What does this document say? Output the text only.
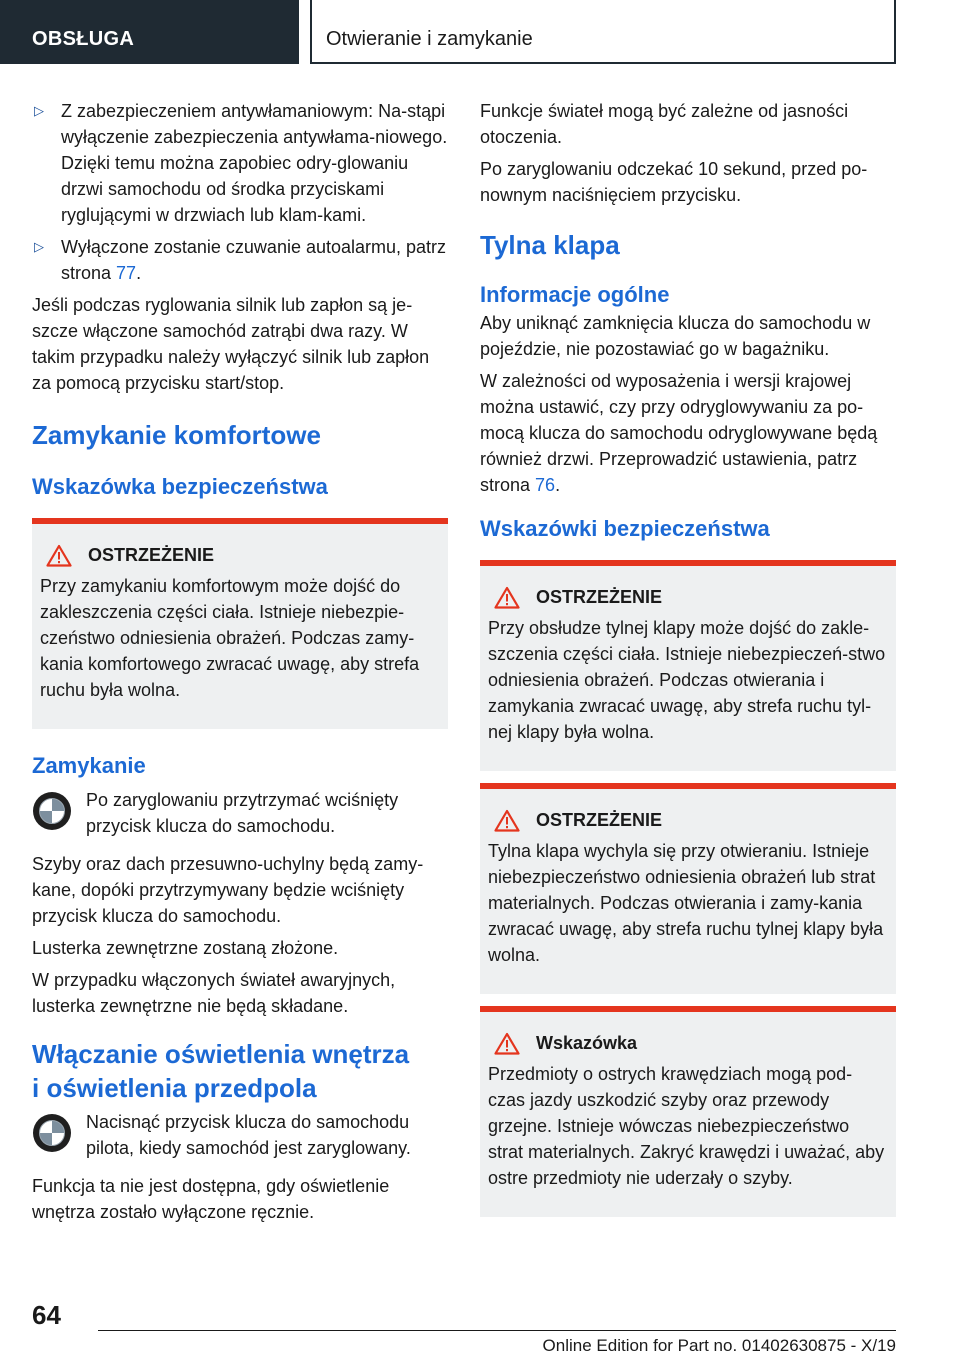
OBSŁUGA	Otwieranie i zamykanie
▷ Z zabezpieczeniem antywłamaniowym: Na-stąpi wyłączenie zabezpieczenia antywłama-niowego. Dzięki temu można zapobiec odry-glowaniu drzwi samochodu od środka przyciskami ryglującymi w drzwiach lub klam-kami.
▷ Wyłączone zostanie czuwanie autoalarmu, patrz strona 77.

Jeśli podczas ryglowania silnik lub zapłon są je-szcze włączone samochód zatrąbi dwa razy. W takim przypadku należy wyłączyć silnik lub zapłon za pomocą przycisku start/stop.

Zamykanie komfortowe
Wskazówka bezpieczeństwa
OSTRZEŻENIE

Przy zamykaniu komfortowym może dojść do zakleszczenia części ciała. Istnieje niebezpie-czeństwo odniesienia obrażeń. Podczas zamy-kania komfortowego zwracać uwagę, aby strefa ruchu była wolna.

Zamykanie

Po zaryglowaniu przytrzymać wciśnięty przycisk klucza do samochodu.

Szyby oraz dach przesuwno-uchylny będą zamy-kane, dopóki przytrzymywany będzie wciśnięty przycisk klucza do samochodu.

Lusterka zewnętrzne zostaną złożone.

W przypadku włączonych świateł awaryjnych, lusterka zewnętrzne nie będą składane.

Włączanie oświetlenia wnętrza
i oświetlenia przedpola

Nacisnąć przycisk klucza do samochodu pilota, kiedy samochód jest zaryglowany.

Funkcja ta nie jest dostępna, gdy oświetlenie wnętrza zostało wyłączone ręcznie.

Funkcje świateł mogą być zależne od jasności otoczenia.

Po zaryglowaniu odczekać 10 sekund, przed po-nownym naciśnięciem przycisku.

Tylna klapa
Informacje ogólne

Aby uniknąć zamknięcia klucza do samochodu w pojeździe, nie pozostawiać go w bagażniku.

W zależności od wyposażenia i wersji krajowej można ustawić, czy przy odryglowywaniu za po-mocą klucza do samochodu odryglowywane będą również drzwi. Przeprowadzić ustawienia, patrz strona 76.

Wskazówki bezpieczeństwa
OSTRZEŻENIE

Przy obsłudze tylnej klapy może dojść do zakle-szczenia części ciała. Istnieje niebezpieczeń-stwo odniesienia obrażeń. Podczas otwierania i zamykania zwracać uwagę, aby strefa ruchu tyl-nej klapy była wolna.

OSTRZEŻENIE

Tylna klapa wychyla się przy otwieraniu. Istnieje niebezpieczeństwo odniesienia obrażeń lub strat materialnych. Podczas otwierania i zamy-kania zwracać uwagę, aby strefa ruchu tylnej klapy była wolna.

Wskazówka

Przedmioty o ostrych krawędziach mogą pod-czas jazdy uszkodzić szyby oraz przewody grzejne. Istnieje wówczas niebezpieczeństwo strat materialnych. Zakryć krawędzi i uważać, aby ostre przedmioty nie uderzały o szyby.

64
Online Edition for Part no. 01402630875 - X/19
